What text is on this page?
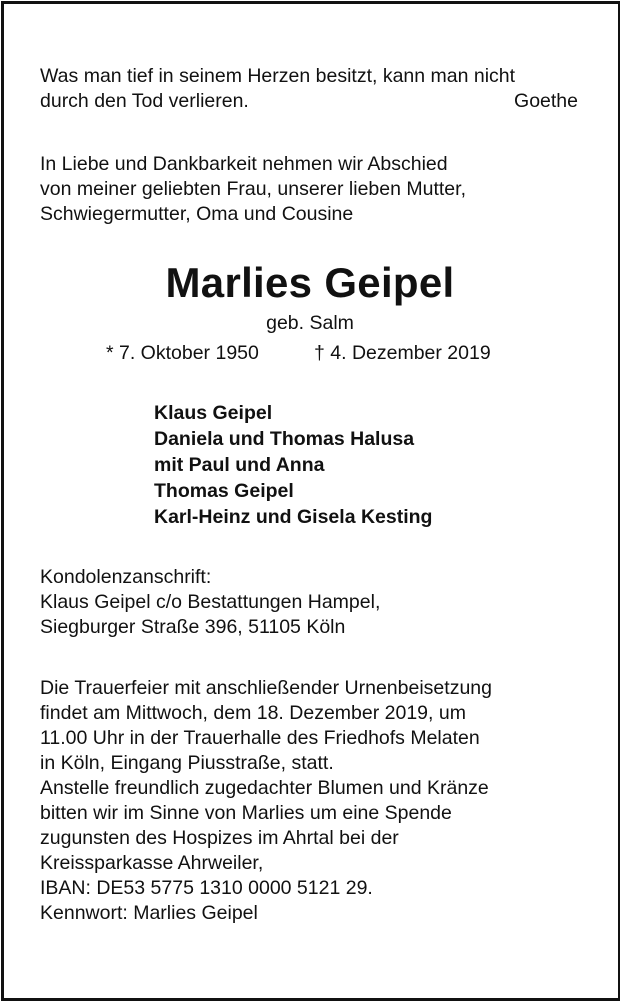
Was man tief in seinem Herzen besitzt, kann man nicht
durch den Tod verlieren.	Goethe
In Liebe und Dankbarkeit nehmen wir Abschied
von meiner geliebten Frau, unserer lieben Mutter,
Schwiegermutter, Oma und Cousine
Marlies Geipel

geb. Salm

* 7. Oktober 1950	† 4. Dezember 2019

Klaus Geipel
Daniela und Thomas Halusa
mit Paul und Anna
Thomas Geipel
Karl-Heinz und Gisela Kesting
Kondolenzanschrift:
Klaus Geipel c/o Bestattungen Hampel,
Siegburger Straße 396, 51105 Köln
Die Trauerfeier mit anschließender Urnenbeisetzung
findet am Mittwoch, dem 18. Dezember 2019, um
11.00 Uhr in der Trauerhalle des Friedhofs Melaten
in Köln, Eingang Piusstraße, statt.
Anstelle freundlich zugedachter Blumen und Kränze
bitten wir im Sinne von Marlies um eine Spende
zugunsten des Hospizes im Ahrtal bei der
Kreissparkasse Ahrweiler,
IBAN: DE53 5775 1310 0000 5121 29.
Kennwort: Marlies Geipel
